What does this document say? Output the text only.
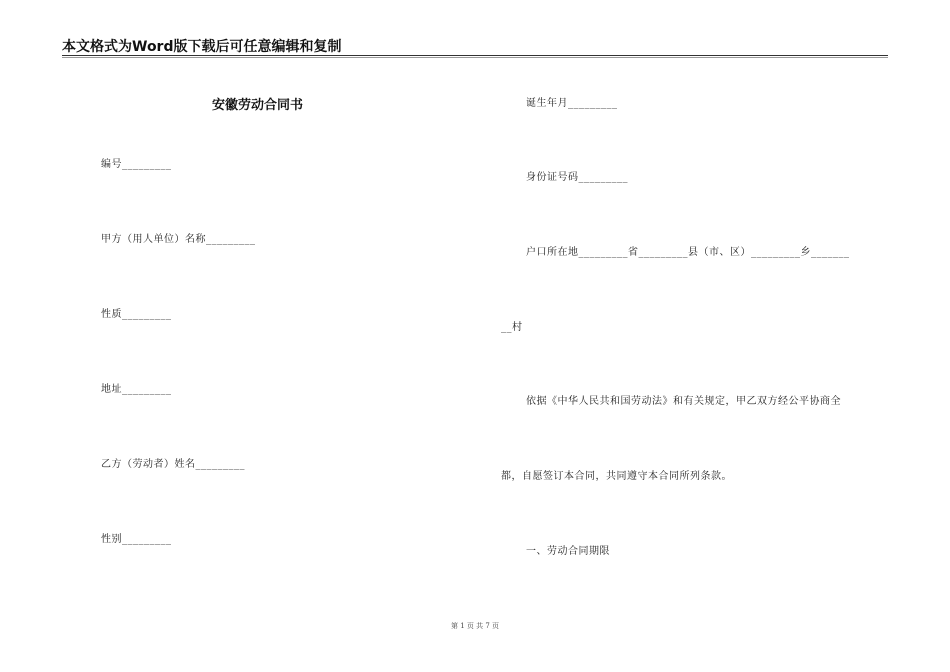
本文格式为Word版下载后可任意编辑和复制
安徽劳动合同书
编号_________
甲方（用人单位）名称_________
性质_________
地址_________
乙方（劳动者）姓名_________
性别_________
诞生年月_________
身份证号码_________
户口所在地_________省_________县（市、区）_________乡_______
__村
依据《中华人民共和国劳动法》和有关规定，甲乙双方经公平协商全
都，自愿签订本合同，共同遵守本合同所列条款。
一、劳动合同期限
第 1 页 共 7 页
